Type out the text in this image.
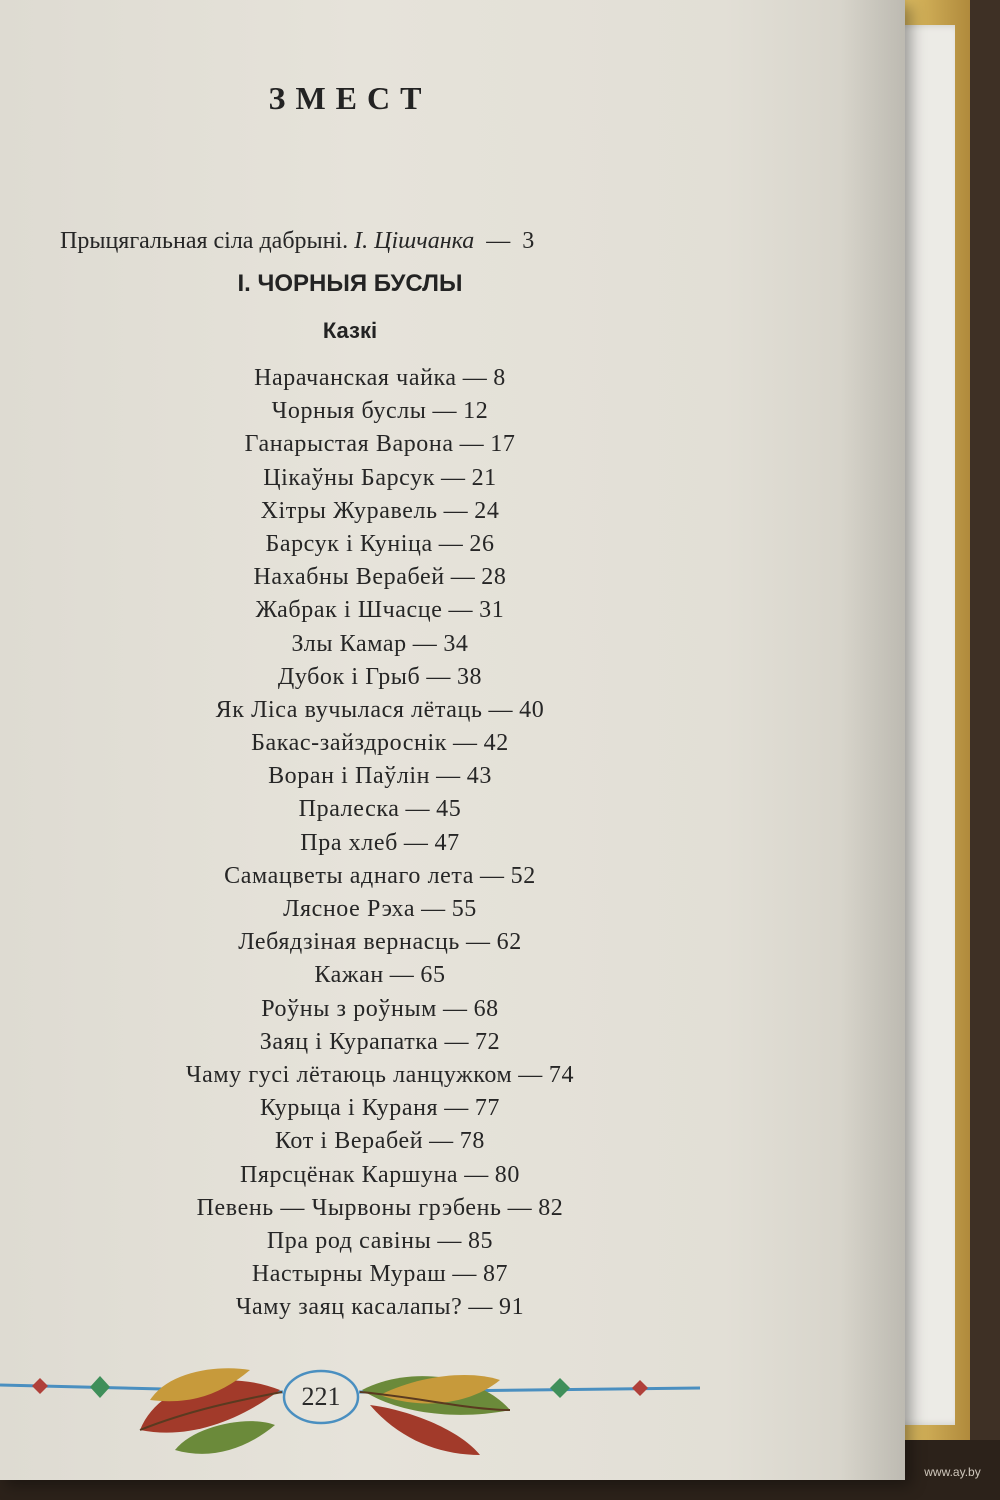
ЗМЕСТ
Прыцягальная сіла дабрыні. І. Цішчанка  —  3
І. ЧОРНЫЯ БУСЛЫ
Казкі
Нарачанская чайка — 8
Чорныя буслы — 12
Ганарыстая Варона — 17
Цікаўны Барсук — 21
Хітры Журавель — 24
Барсук і Куніца — 26
Нахабны Верабей — 28
Жабрак і Шчасце — 31
Злы Камар — 34
Дубок і Грыб — 38
Як Ліса вучылася лётаць — 40
Бакас-зайздроснік — 42
Воран і Паўлін — 43
Пралеска — 45
Пра хлеб — 47
Самацветы аднаго лета — 52
Лясное Рэха — 55
Лебядзіная вернасць — 62
Кажан — 65
Роўны з роўным — 68
Заяц і Курапатка — 72
Чаму гусі лётаюць ланцужком — 74
Курыца і Кураня — 77
Кот і Верабей — 78
Пярсцёнак Каршуна — 80
Певень — Чырвоны грэбень — 82
Пра род савіны — 85
Настырны Мураш — 87
Чаму заяц касалапы? — 91
221
www.ay.by
